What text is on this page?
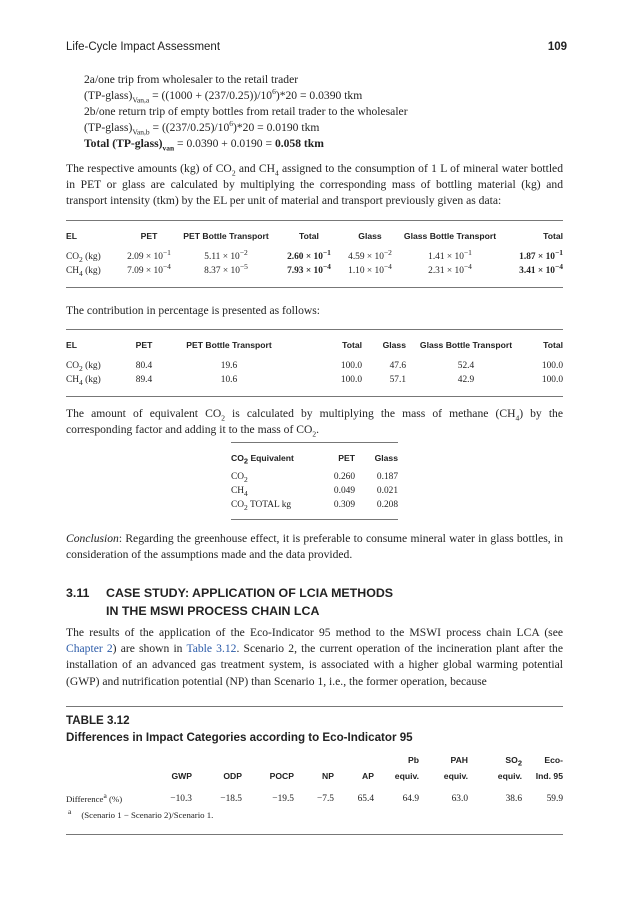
Life-Cycle Impact Assessment	109
2a/one trip from wholesaler to the retail trader
$(TP-glass)_{Van,a} = ((1000 + (237/0.25))/10^6)*20 = 0.0390$ tkm
2b/one return trip of empty bottles from retail trader to the wholesaler
$(TP-glass)_{Van,b} = ((237/0.25)/10^6)*20 = 0.0190$ tkm
Total $(TP-glass)_{van} = 0.0390 + 0.0190 = 0.058$ tkm
The respective amounts (kg) of $CO_2$ and $CH_4$ assigned to the consumption of 1 L of mineral water bottled in PET or glass are calculated by multiplying the corresponding mass of bottling material (kg) and transport intensity (tkm) by the EL per unit of material and transport previously given as data:
EL	PET	PET Bottle Transport	Total	Glass	Glass Bottle Transport	Total

$CO_2$ (kg)	$2.09 \times 10^{-1}$	$5.11 \times 10^{-2}$	$2.60 \times 10^{-1}$	$4.59 \times 10^{-2}$	$1.41 \times 10^{-1}$	$1.87 \times 10^{-1}$
$CH_4$ (kg)	$7.09 \times 10^{-4}$	$8.37 \times 10^{-5}$	$7.93 \times 10^{-4}$	$1.10 \times 10^{-4}$	$2.31 \times 10^{-4}$	$3.41 \times 10^{-4}$
The contribution in percentage is presented as follows:
EL	PET	PET Bottle Transport	Total	Glass	Glass Bottle Transport	Total

$CO_2$ (kg)	80.4	19.6	100.0	47.6	52.4	100.0
$CH_4$ (kg)	89.4	10.6	100.0	57.1	42.9	100.0
The amount of equivalent $CO_2$ is calculated by multiplying the mass of methane $(CH_4)$ by the corresponding factor and adding it to the mass of $CO_2$.
$CO_2$ Equivalent	PET	Glass

$CO_2$	0.260	0.187
$CH_4$	0.049	0.021
$CO_2$ TOTAL kg	0.309	0.208
Conclusion: Regarding the greenhouse effect, it is preferable to consume mineral water in glass bottles, in consideration of the assumptions made and the data provided.
3.11 CASE STUDY: APPLICATION OF LCIA METHODS
IN THE MSWI PROCESS CHAIN LCA
The results of the application of the Eco-Indicator 95 method to the MSWI process chain LCA (see Chapter 2) are shown in Table 3.12. Scenario 2, the current operation of the incineration plant after the installation of an advanced gas treatment system, is associated with a higher global warming potential (GWP) and nutrification potential (NP) than Scenario 1, i.e., the former operation, because
TABLE 3.12
Differences in Impact Categories according to Eco-Indicator 95
						Pb	PAH	$SO_2$	Eco-
	GWP	ODP	POCP	NP	AP	equiv.	equiv.	equiv.	Ind. 95

Difference$^a$ (%)	−10.3	−18.5	−19.5	−7.5	65.4	64.9	63.0	38.6	59.9
$^a$ (Scenario 1 − Scenario 2)/Scenario 1.
